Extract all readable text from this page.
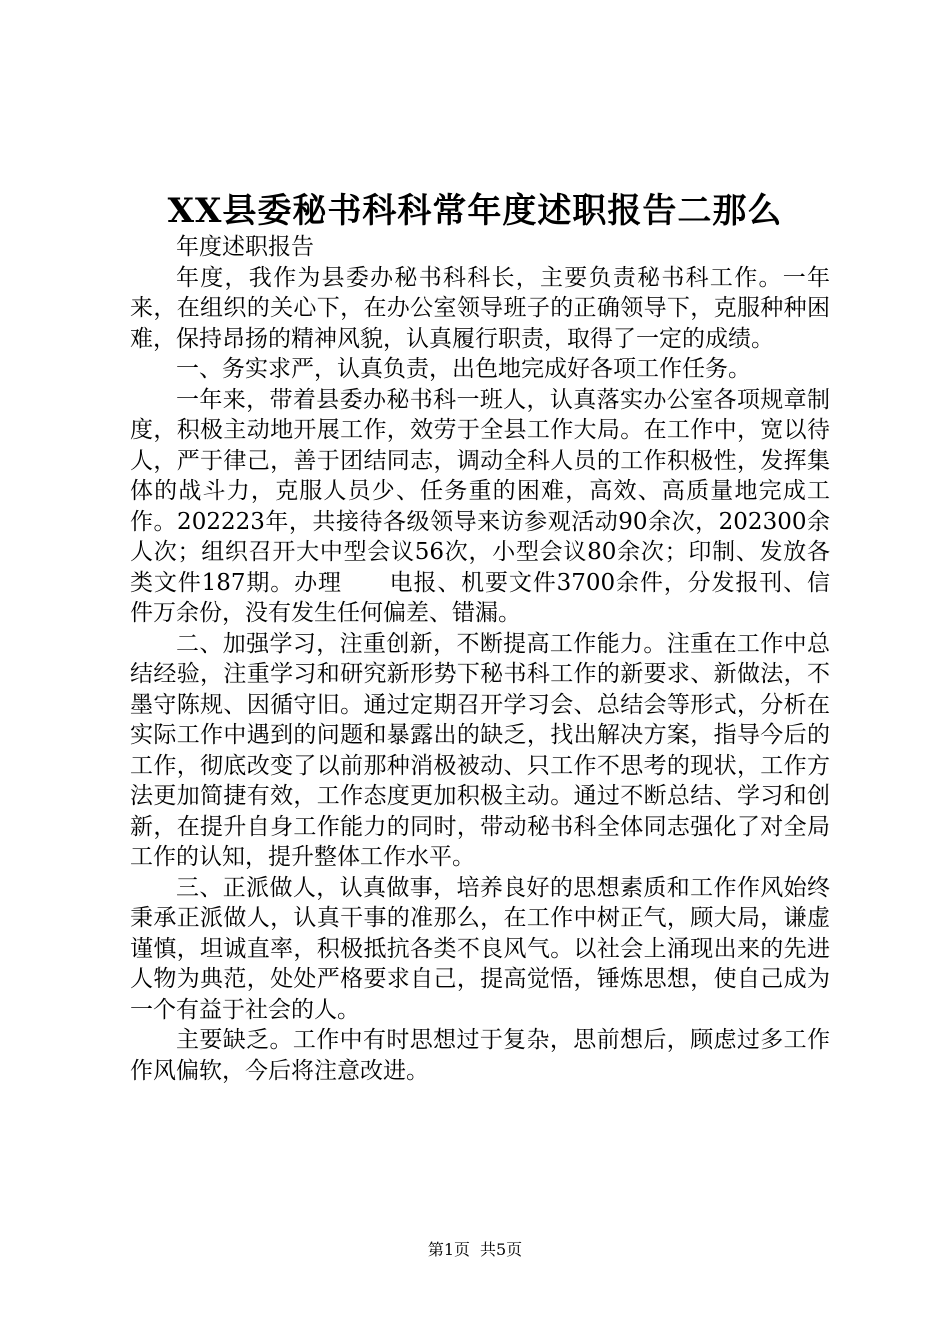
XX县委秘书科科常年度述职报告二那么

年度述职报告

年度，我作为县委办秘书科科长，主要负责秘书科工作。一年来，在组织的关心下，在办公室领导班子的正确领导下，克服种种困难，保持昂扬的精神风貌，认真履行职责，取得了一定的成绩。

一、务实求严，认真负责，出色地完成好各项工作任务。

一年来，带着县委办秘书科一班人，认真落实办公室各项规章制度，积极主动地开展工作，效劳于全县工作大局。在工作中，宽以待人，严于律己，善于团结同志，调动全科人员的工作积极性，发挥集体的战斗力，克服人员少、任务重的困难，高效、高质量地完成工作。202223年，共接待各级领导来访参观活动90余次，202300余人次；组织召开大中型会议56次，小型会议80余次；印制、发放各类文件187期。办理　　电报、机要文件3700余件，分发报刊、信件万余份，没有发生任何偏差、错漏。

二、加强学习，注重创新，不断提高工作能力。注重在工作中总结经验，注重学习和研究新形势下秘书科工作的新要求、新做法，不墨守陈规、因循守旧。通过定期召开学习会、总结会等形式，分析在实际工作中遇到的问题和暴露出的缺乏，找出解决方案，指导今后的工作，彻底改变了以前那种消极被动、只工作不思考的现状，工作方法更加简捷有效，工作态度更加积极主动。通过不断总结、学习和创新，在提升自身工作能力的同时，带动秘书科全体同志强化了对全局工作的认知，提升整体工作水平。

三、正派做人，认真做事，培养良好的思想素质和工作作风始终秉承正派做人，认真干事的准那么，在工作中树正气，顾大局，谦虚谨慎，坦诚直率，积极抵抗各类不良风气。以社会上涌现出来的先进人物为典范，处处严格要求自己，提高觉悟，锤炼思想，使自己成为一个有益于社会的人。

主要缺乏。工作中有时思想过于复杂，思前想后，顾虑过多工作作风偏软，今后将注意改进。

第1页 共5页
